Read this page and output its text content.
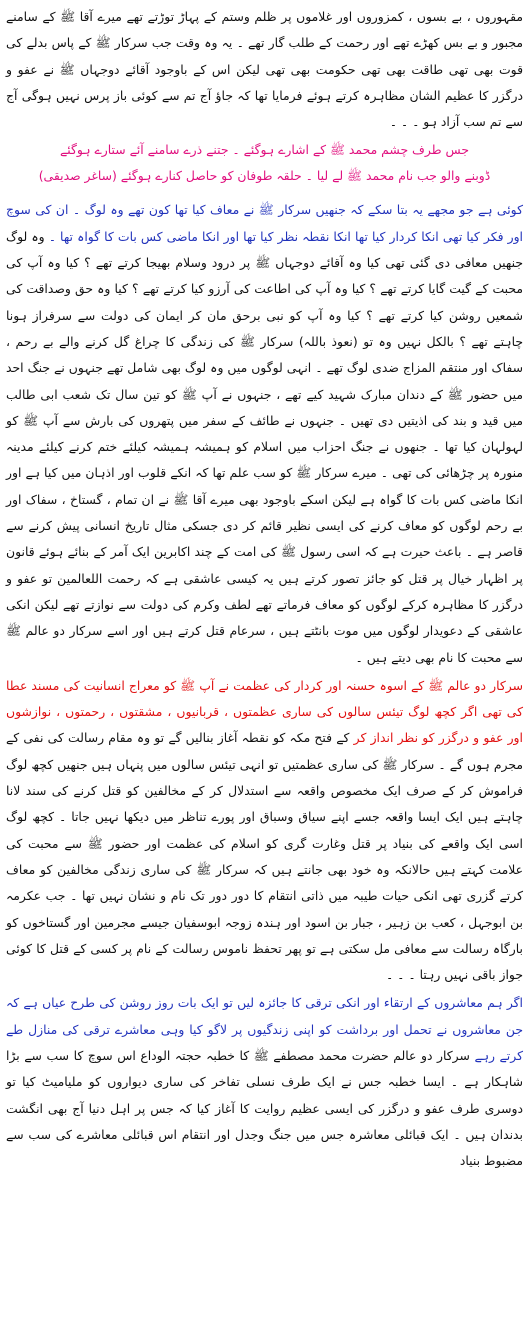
مقہوروں ، بے بسوں ، کمزوروں اور غلاموں پر ظلم وستم کے پہاڑ توڑتے تھے میرے آقا ﷺ کے سامنے مجبور و بے بس کھڑے تھے اور رحمت کے طلب گار تھے ۔ یہ وہ وقت جب سرکار ﷺ کے پاس بدلے کی قوت بھی تھی طاقت بھی تھی حکومت بھی تھی لیکن اس کے باوجود آقائے دوجہاں ﷺ نے عفو و درگزر کا عظیم الشان مظاہرہ کرتے ہوئے فرمایا تھا کہ جاؤ آج تم سے کوئی باز پرس نہیں ہوگی آج سے تم سب آزاد ہو ۔ ۔ ۔

جس طرف چشم محمد ﷺ کے اشارے ہوگئے ۔ جتنے ذرے سامنے آئے ستارے ہوگئے

ڈوبنے والو جب نام محمد ﷺ لے لیا ۔ حلقہ طوفان کو حاصل کنارے ہوگئے (ساغر صدیقی)

کوئی ہے جو مجھے یہ بتا سکے کہ جنھیں سرکار ﷺ نے معاف کیا تھا کون تھے وہ لوگ ۔ ان کی سوچ اور فکر کیا تھی انکا کردار کیا تھا انکا نقطہ نظر کیا تھا اور انکا ماضی کس بات کا گواہ تھا ۔ وہ لوگ جنھیں معافی دی گئی تھی کیا وہ آقائے دوجہاں ﷺ پر درود وسلام بھیجا کرتے تھے ؟ کیا وہ آپ کی محبت کے گیت گایا کرتے تھے ؟ کیا وہ آپ کی اطاعت کی آرزو کیا کرتے تھے ؟ کیا وہ حق وصداقت کی شمعیں روشن کیا کرتے تھے ؟ کیا وہ آپ کو نبی برحق مان کر ایمان کی دولت سے سرفراز ہونا چاہتے تھے ؟ بالکل نہیں وہ تو (نعوذ باللہ) سرکار ﷺ کی زندگی کا چراغ گل کرنے والے بے رحم ، سفاک اور منتقم المزاج ضدی لوگ تھے ۔ انہی لوگوں میں وہ لوگ بھی شامل تھے جنہوں نے جنگ احد میں حضور ﷺ کے دندان مبارک شہید کیے تھے ، جنہوں نے آپ ﷺ کو تین سال تک شعب ابی طالب میں قید و بند کی اذیتیں دی تھیں ۔ جنہوں نے طائف کے سفر میں پتھروں کی بارش سے آپ ﷺ کو لہولہان کیا تھا ۔ جنھوں نے جنگ احزاب میں اسلام کو ہمیشہ ہمیشہ کیلئے ختم کرنے کیلئے مدینہ منورہ پر چڑھائی کی تھی ۔ میرے سرکار ﷺ کو سب علم تھا کہ انکے قلوب اور اذہان میں کیا ہے اور انکا ماضی کس بات کا گواہ ہے لیکن اسکے باوجود بھی میرے آقا ﷺ نے ان تمام ، گستاخ ، سفاک اور بے رحم لوگوں کو معاف کرنے کی ایسی نظیر قائم کر دی جسکی مثال تاریخ انسانی پیش کرنے سے قاصر ہے ۔ باعث حیرت ہے کہ اسی رسول ﷺ کی امت کے چند اکابرین ایک آمر کے بنائے ہوئے قانون پر اظہار خیال پر قتل کو جائز تصور کرتے ہیں یہ کیسی عاشقی ہے کہ رحمت اللعالمین تو عفو و درگزر کا مظاہرہ کرکے لوگوں کو معاف فرماتے تھے لطف وکرم کی دولت سے نوازتے تھے لیکن انکی عاشقی کے دعویدار لوگوں میں موت بانٹتے ہیں ، سرعام قتل کرتے ہیں اور اسے سرکار دو عالم ﷺ سے محبت کا نام بھی دیتے ہیں ۔

سرکار دو عالم ﷺ کے اسوہ حسنہ اور کردار کی عظمت نے آپ ﷺ کو معراج انسانیت کی مسند عطا کی تھی اگر کچھ لوگ تیئس سالوں کی ساری عظمتوں ، قربانیوں ، مشقتوں ، رحمتوں ، نوازشوں اور عفو و درگزر کو نظر انداز کر کے فتح مکہ کو نقطہ آغاز بنالیں گے تو وہ مقام رسالت کی نفی کے مجرم ہوں گے ۔ سرکار ﷺ کی ساری عظمتیں تو انہی تیئس سالوں میں پنہاں ہیں جنھیں کچھ لوگ فراموش کر کے صرف ایک مخصوص واقعہ سے استدلال کر کے مخالفین کو قتل کرنے کی سند لانا چاہتے ہیں ایک ایسا واقعہ جسے اپنے سیاق وسباق اور پورے تناظر میں دیکھا نہیں جاتا ۔ کچھ لوگ اسی ایک واقعے کی بنیاد پر قتل وغارت گری کو اسلام کی عظمت اور حضور ﷺ سے محبت کی علامت کہتے ہیں حالانکہ وہ خود بھی جانتے ہیں کہ سرکار ﷺ کی ساری زندگی مخالفین کو معاف کرتے گزری تھی انکی حیات طیبہ میں ذاتی انتقام کا دور دور تک نام و نشان نہیں تھا ۔ جب عکرمہ بن ابوجہل ، کعب بن زہیر ، جبار بن اسود اور ہندہ زوجہ ابوسفیان جیسے مجرمین اور گستاخوں کو بارگاہ رسالت سے معافی مل سکتی ہے تو پھر تحفظ ناموس رسالت کے نام پر کسی کے قتل کا کوئی جواز باقی نہیں رہتا ۔ ۔ ۔

اگر ہم معاشروں کے ارتقاء اور انکی ترقی کا جائزہ لیں تو ایک بات روز روشن کی طرح عیاں ہے کہ جن معاشروں نے تحمل اور برداشت کو اپنی زندگیوں پر لاگو کیا وہی معاشرے ترقی کی منازل طے کرتے رہے سرکار دو عالم حضرت محمد مصطفے ﷺ کا خطبہ حجتہ الوداع اس سوچ کا سب سے بڑا شاہکار ہے ۔ ایسا خطبہ جس نے ایک طرف نسلی تفاخر کی ساری دیواروں کو ملیامیٹ کیا تو دوسری طرف عفو و درگزر کی ایسی عظیم روایت کا آغاز کیا کہ جس پر اہل دنیا آج بھی انگشت بدندان ہیں ۔ ایک قبائلی معاشرہ جس میں جنگ وجدل اور انتقام اس قبائلی معاشرے کی سب سے مضبوط بنیاد
